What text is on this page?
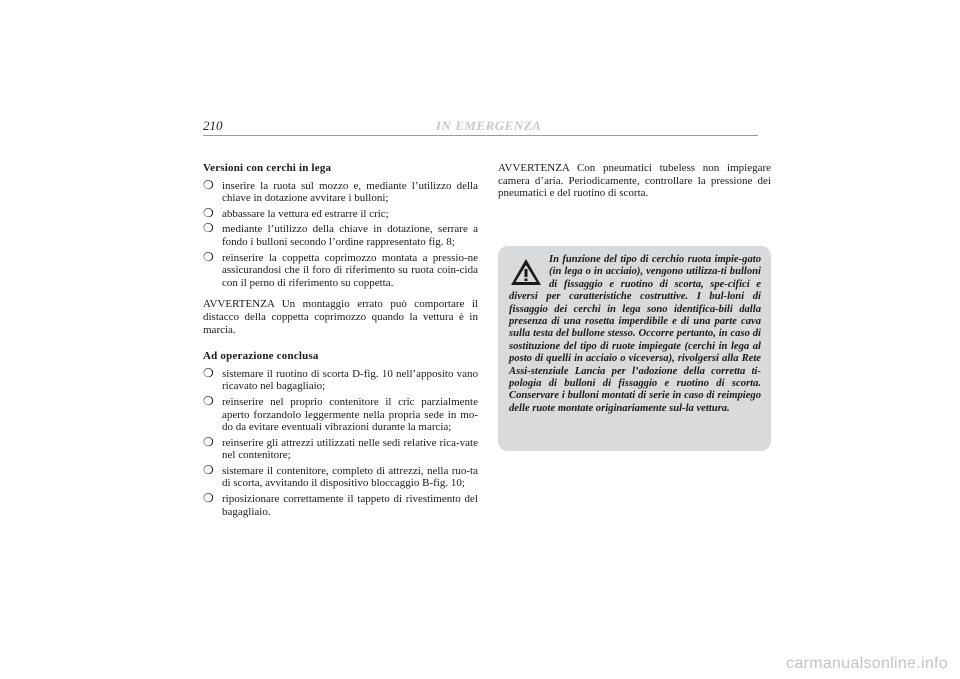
210	IN EMERGENZA

Versioni con cerchi in lega

❍ inserire la ruota sul mozzo e, mediante l’utilizzo della chiave in dotazione avvitare i bulloni;
❍ abbassare la vettura ed estrarre il cric;
❍ mediante l’utilizzo della chiave in dotazione, serrare a fondo i bulloni secondo l’ordine rappresentato fig. 8;
❍ reinserire la coppetta coprimozzo montata a pressio-ne assicurandosi che il foro di riferimento su ruota coin-cida con il perno di riferimento su coppetta.

AVVERTENZA Un montaggio errato può comportare il distacco della coppetta coprimozzo quando la vettura è in marcia.

Ad operazione conclusa

❍ sistemare il ruotino di scorta D-fig. 10 nell’apposito vano ricavato nel bagagliaio;
❍ reinserire nel proprio contenitore il cric parzialmente aperto forzandolo leggermente nella propria sede in mo-do da evitare eventuali vibrazioni durante la marcia;
❍ reinserire gli attrezzi utilizzati nelle sedi relative rica-vate nel contenitore;
❍ sistemare il contenitore, completo di attrezzi, nella ruo-ta di scorta, avvitando il dispositivo bloccaggio B-fig. 10;
❍ riposizionare correttamente il tappeto di rivestimento del bagagliaio.

AVVERTENZA Con pneumatici tubeless non impiegare camera d’aria. Periodicamente, controllare la pressione dei pneumatici e del ruotino di scorta.

In funzione del tipo di cerchio ruota impie-gato (in lega o in acciaio), vengono utilizza-ti bulloni di fissaggio e ruotino di scorta, spe-cifici e diversi per caratteristiche costruttive. I bul-loni di fissaggio dei cerchi in lega sono identifica-bili dalla presenza di una rosetta imperdibile e di una parte cava sulla testa del bullone stesso. Occorre pertanto, in caso di sostituzione del tipo di ruote impiegate (cerchi in lega al posto di quelli in acciaio o viceversa), rivolgersi alla Rete Assi-stenziale Lancia per l’adozione della corretta ti-pologia di bulloni di fissaggio e ruotino di scorta. Conservare i bulloni montati di serie in caso di reimpiego delle ruote montate originariamente sul-la vettura.

carmanualsonline.info
